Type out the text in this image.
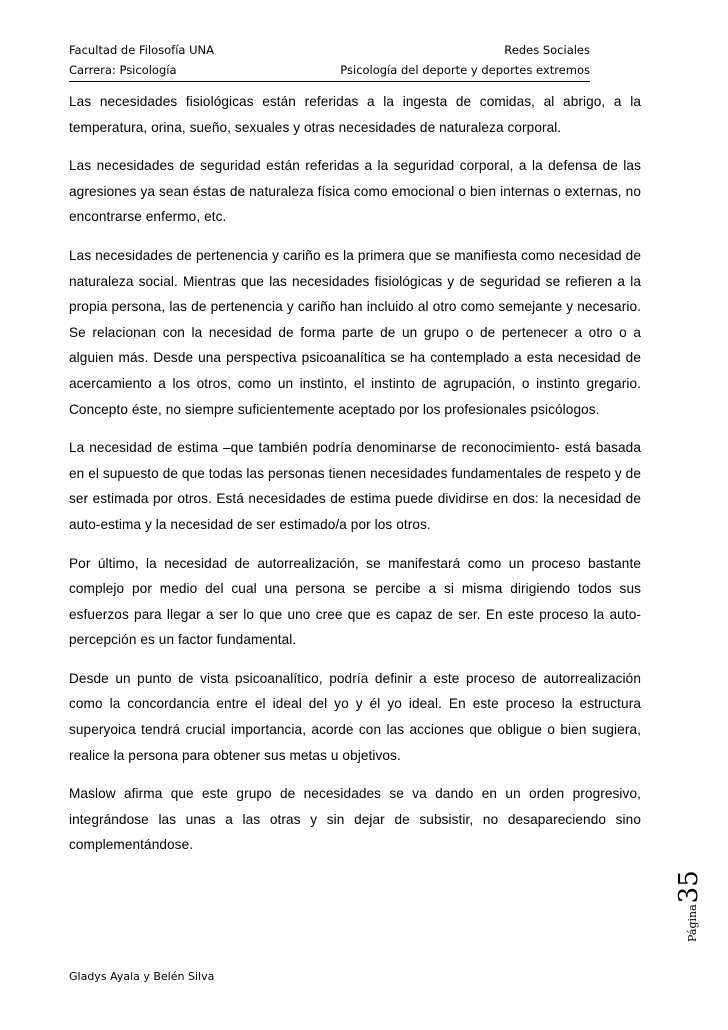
Facultad de Filosofía UNA
Carrera: Psicología
Redes Sociales
Psicología del deporte y deportes extremos

Las necesidades fisiológicas están referidas a la ingesta de comidas, al abrigo, a la temperatura, orina, sueño, sexuales y otras necesidades de naturaleza corporal.

Las necesidades de seguridad están referidas a la seguridad corporal, a la defensa de las agresiones ya sean éstas de naturaleza física como emocional o bien internas o externas, no encontrarse enfermo, etc.

Las necesidades de pertenencia y cariño es la primera que se manifiesta como necesidad de naturaleza social. Mientras que las necesidades fisiológicas y de seguridad se refieren a la propia persona, las de pertenencia y cariño han incluido al otro como semejante y necesario. Se relacionan con la necesidad de forma parte de un grupo o de pertenecer a otro o a alguien más. Desde una perspectiva psicoanalítica se ha contemplado a esta necesidad de acercamiento a los otros, como un instinto, el instinto de agrupación, o instinto gregario. Concepto éste, no siempre suficientemente aceptado por los profesionales psicólogos.

La necesidad de estima –que también podría denominarse de reconocimiento- está basada en el supuesto de que todas las personas tienen necesidades fundamentales de respeto y de ser estimada por otros. Está necesidades de estima puede dividirse en dos: la necesidad de auto-estima y la necesidad de ser estimado/a por los otros.

Por último, la necesidad de autorrealización, se manifestará como un proceso bastante complejo por medio del cual una persona se percibe a si misma dirigiendo todos sus esfuerzos para llegar a ser lo que uno cree que es capaz de ser. En este proceso la auto-percepción es un factor fundamental.

Desde un punto de vista psicoanalítico, podría definir a este proceso de autorrealización como la concordancia entre el ideal del yo y él yo ideal. En este proceso la estructura superyoica tendrá crucial importancia, acorde con las acciones que obligue o bien sugiera, realice la persona para obtener sus metas u objetivos.

Maslow afirma que este grupo de necesidades se va dando en un orden progresivo, integrándose las unas a las otras y sin dejar de subsistir, no desapareciendo sino complementándose.

Página
35
Gladys Ayala y Belén Silva
